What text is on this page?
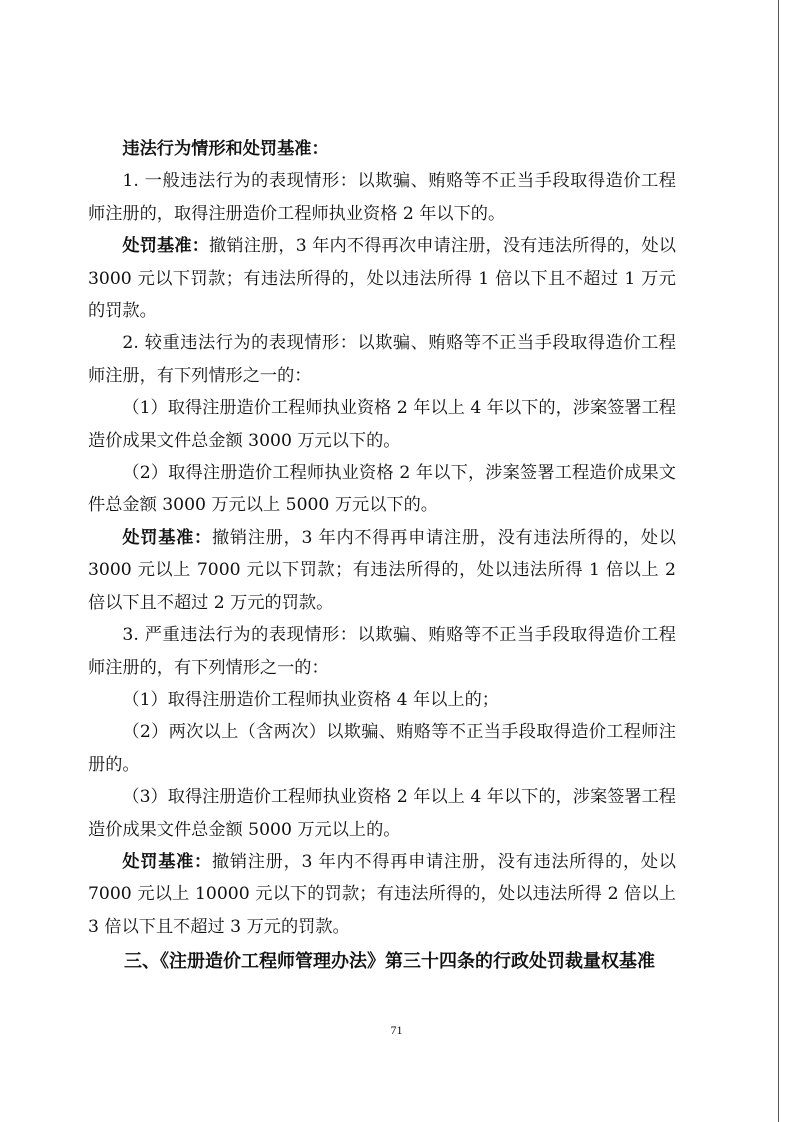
违法行为情形和处罚基准：

1. 一般违法行为的表现情形：以欺骗、贿赂等不正当手段取得造价工程师注册的，取得注册造价工程师执业资格 2 年以下的。

处罚基准：撤销注册，3 年内不得再次申请注册，没有违法所得的，处以 3000 元以下罚款；有违法所得的，处以违法所得 1 倍以下且不超过 1 万元的罚款。

2. 较重违法行为的表现情形：以欺骗、贿赂等不正当手段取得造价工程师注册，有下列情形之一的：

（1）取得注册造价工程师执业资格 2 年以上 4 年以下的，涉案签署工程造价成果文件总金额 3000 万元以下的。

（2）取得注册造价工程师执业资格 2 年以下，涉案签署工程造价成果文件总金额 3000 万元以上 5000 万元以下的。

处罚基准：撤销注册，3 年内不得再申请注册，没有违法所得的，处以 3000 元以上 7000 元以下罚款；有违法所得的，处以违法所得 1 倍以上 2 倍以下且不超过 2 万元的罚款。

3. 严重违法行为的表现情形：以欺骗、贿赂等不正当手段取得造价工程师注册的，有下列情形之一的：

（1）取得注册造价工程师执业资格 4 年以上的；

（2）两次以上（含两次）以欺骗、贿赂等不正当手段取得造价工程师注册的。

（3）取得注册造价工程师执业资格 2 年以上 4 年以下的，涉案签署工程造价成果文件总金额 5000 万元以上的。

处罚基准：撤销注册，3 年内不得再申请注册，没有违法所得的，处以 7000 元以上 10000 元以下的罚款；有违法所得的，处以违法所得 2 倍以上 3 倍以下且不超过 3 万元的罚款。

三、《注册造价工程师管理办法》第三十四条的行政处罚裁量权基准

71
